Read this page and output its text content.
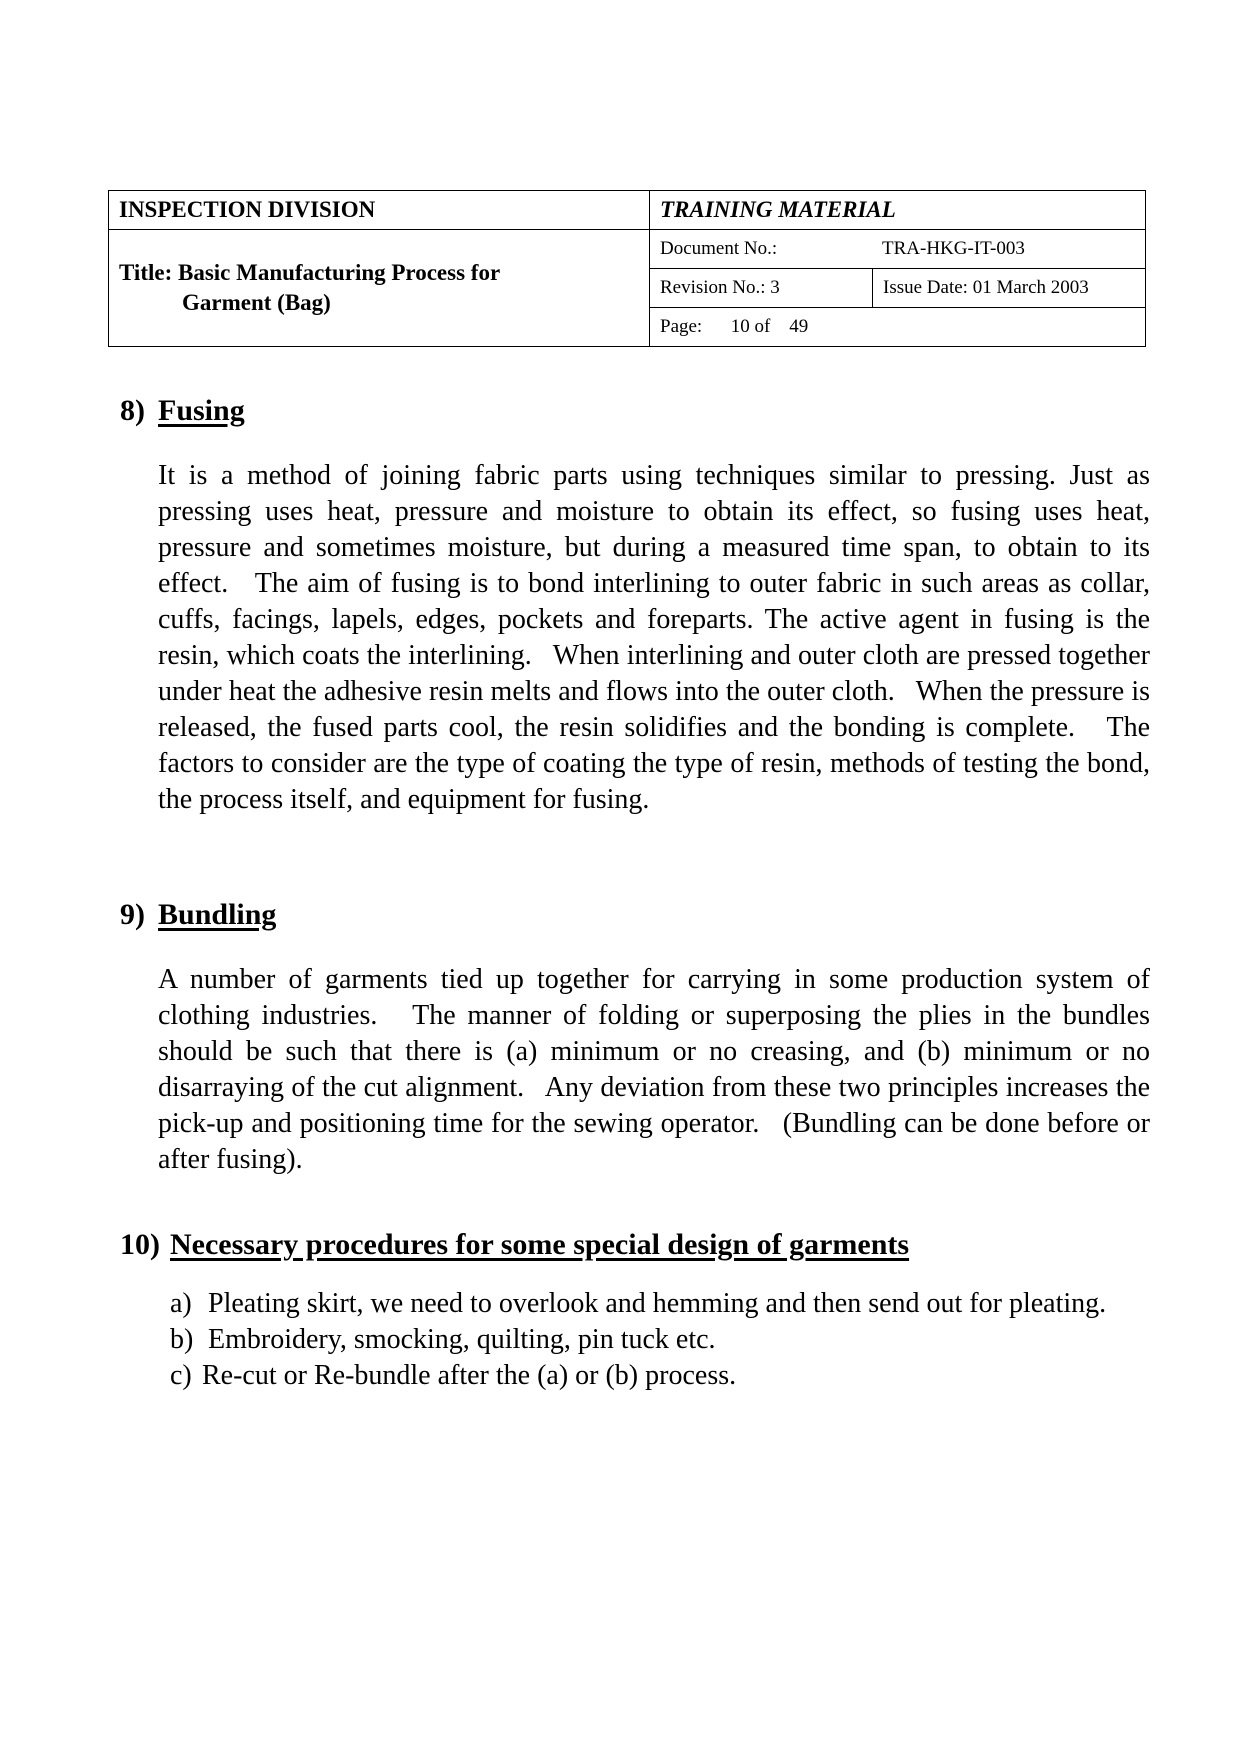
INSPECTION DIVISION	TRAINING MATERIAL	
Title: Basic Manufacturing Process for
Garment (Bag)	Document No.: TRA-HKG-IT-003	
	Revision No.: 3	Issue Date: 01 March 2003
	Page:      10 of    49	
8) Fusing
It is a method of joining fabric parts using techniques similar to pressing. Just as pressing uses heat, pressure and moisture to obtain its effect, so fusing uses heat, pressure and sometimes moisture, but during a measured time span, to obtain to its effect.   The aim of fusing is to bond interlining to outer fabric in such areas as collar, cuffs, facings, lapels, edges, pockets and foreparts. The active agent in fusing is the resin, which coats the interlining.   When interlining and outer cloth are pressed together under heat the adhesive resin melts and flows into the outer cloth.   When the pressure is released, the fused parts cool, the resin solidifies and the bonding is complete.   The factors to consider are the type of coating the type of resin, methods of testing the bond, the process itself, and equipment for fusing.
9) Bundling
A number of garments tied up together for carrying in some production system of clothing industries.   The manner of folding or superposing the plies in the bundles should be such that there is (a) minimum or no creasing, and (b) minimum or no disarraying of the cut alignment.   Any deviation from these two principles increases the pick-up and positioning time for the sewing operator.   (Bundling can be done before or after fusing).
10) Necessary procedures for some special design of garments
a) Pleating skirt, we need to overlook and hemming and then send out for pleating.
b) Embroidery, smocking, quilting, pin tuck etc.
c) Re-cut or Re-bundle after the (a) or (b) process.
